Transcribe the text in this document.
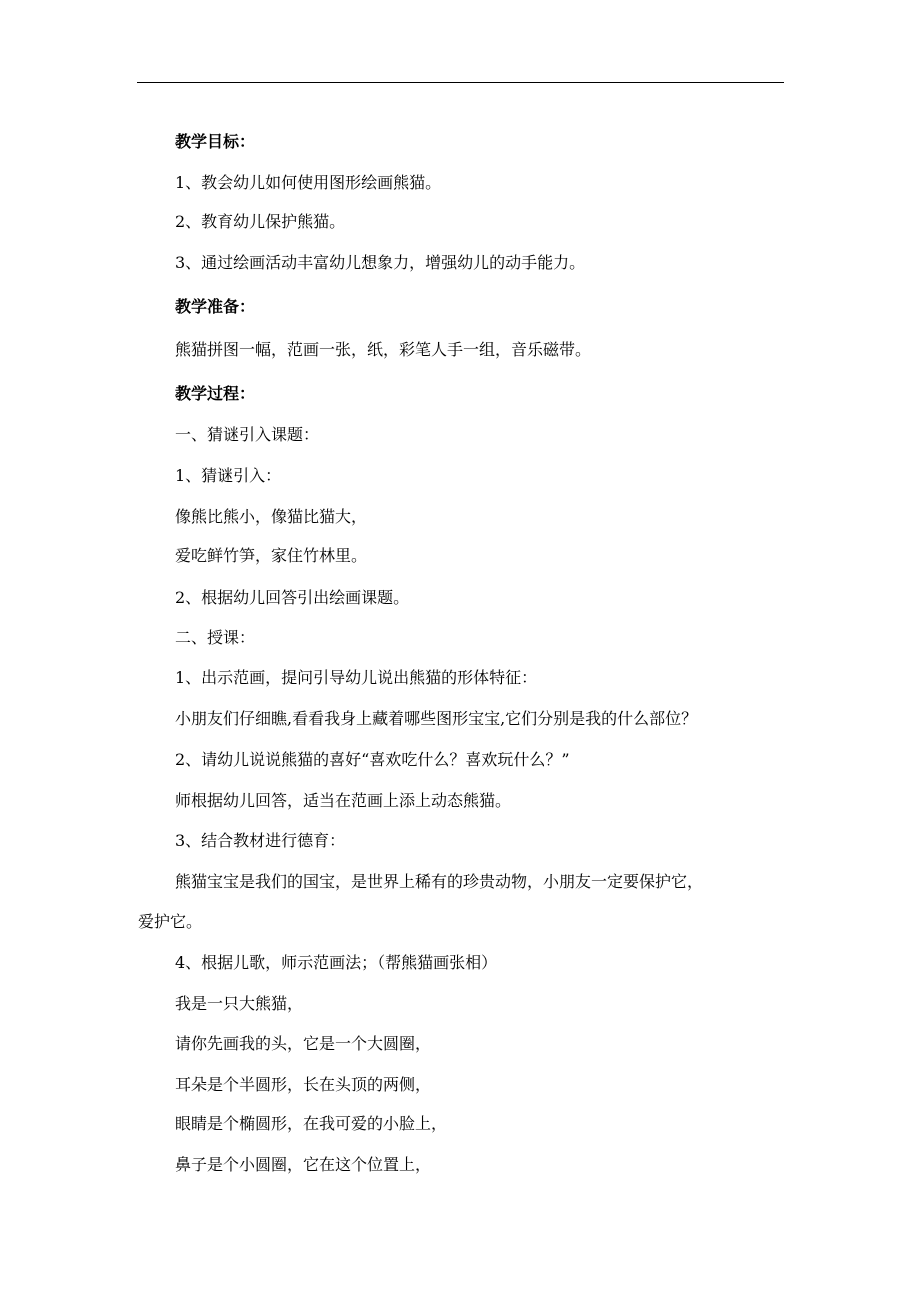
教学目标：
1、教会幼儿如何使用图形绘画熊猫。
2、教育幼儿保护熊猫。
3、通过绘画活动丰富幼儿想象力，增强幼儿的动手能力。
教学准备：
熊猫拼图一幅，范画一张，纸，彩笔人手一组，音乐磁带。
教学过程：
一、猜谜引入课题：
1、猜谜引入：
像熊比熊小，像猫比猫大，
爱吃鲜竹笋，家住竹林里。
2、根据幼儿回答引出绘画课题。
二、授课：
1、出示范画，提问引导幼儿说出熊猫的形体特征：
小朋友们仔细瞧,看看我身上藏着哪些图形宝宝,它们分别是我的什么部位？
2、请幼儿说说熊猫的喜好“喜欢吃什么？喜欢玩什么？”
师根据幼儿回答，适当在范画上添上动态熊猫。
3、结合教材进行德育：
熊猫宝宝是我们的国宝，是世界上稀有的珍贵动物，小朋友一定要保护它，
爱护它。
4、根据儿歌，师示范画法；（帮熊猫画张相）
我是一只大熊猫，
请你先画我的头，它是一个大圆圈，
耳朵是个半圆形，长在头顶的两侧，
眼睛是个椭圆形，在我可爱的小脸上，
鼻子是个小圆圈，它在这个位置上，
